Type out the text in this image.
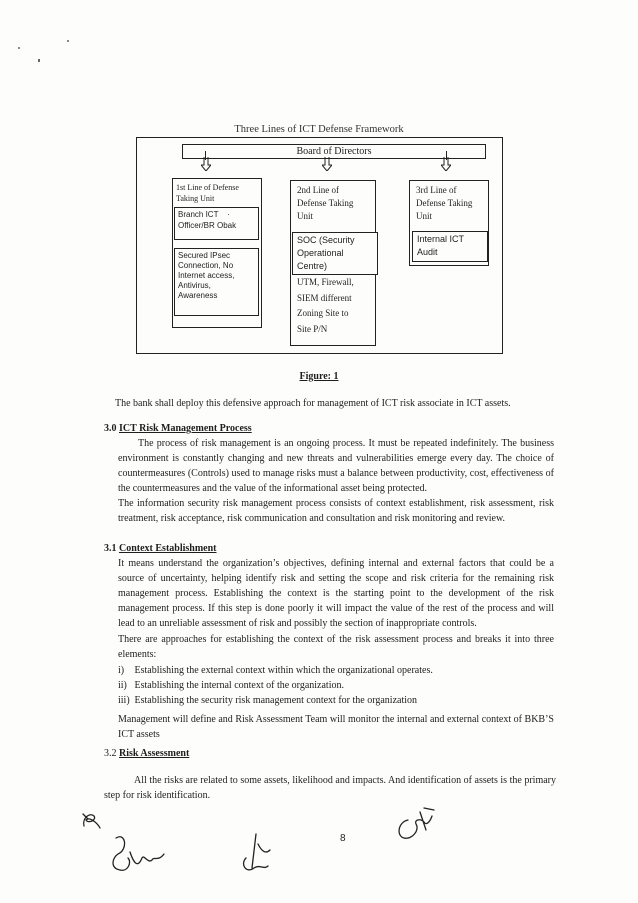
Three Lines of ICT Defense Framework
Board of Directors
1st Line of Defense
Taking Unit
Branch ICT    ·
Officer/BR Obak
Secured IPsec
Connection, No
Internet access,
Antivirus,
Awareness
2nd Line of
Defense Taking
Unit
SOC (Security
Operational
Centre)
UTM, Firewall,
SIEM different
Zoning Site to
Site P/N
3rd Line of
Defense Taking
Unit
Internal ICT
Audit
Figure: 1
The bank shall deploy this defensive approach for management of ICT risk associate in ICT assets.
3.0 ICT Risk Management Process
The process of risk management is an ongoing process. It must be repeated indefinitely. The business environment is constantly changing and new threats and vulnerabilities emerge every day. The choice of countermeasures (Controls) used to manage risks must a balance between productivity, cost, effectiveness of the countermeasures and the value of the informational asset being protected.
The information security risk management process consists of context establishment, risk assessment, risk treatment, risk acceptance, risk communication and consultation and risk monitoring and review.
3.1 Context Establishment
It means understand the organization’s objectives, defining internal and external factors that could be a source of uncertainty, helping identify risk and setting the scope and risk criteria for the remaining risk management process. Establishing the context is the starting point to the development of the risk management process. If this step is done poorly it will impact the value of the rest of the process and will lead to an unreliable assessment of risk and possibly the section of inappropriate controls.
There are approaches for establishing the context of the risk assessment process and breaks it into three elements:
i) Establishing the external context within which the organizational operates.
ii) Establishing the internal context of the organization.
iii) Establishing the security risk management context for the organization
Management will define and Risk Assessment Team will monitor the internal and external context of BKB’S ICT assets
3.2 Risk Assessment
All the risks are related to some assets, likelihood and impacts. And identification of assets is the primary step for risk identification.
8
